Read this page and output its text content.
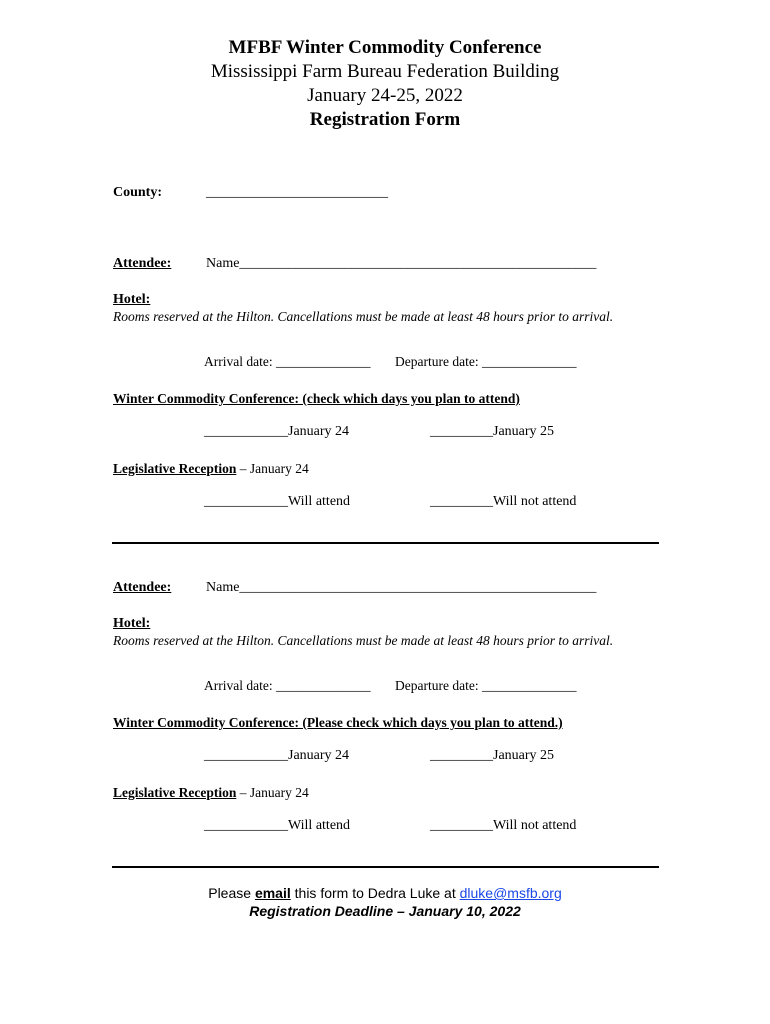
MFBF Winter Commodity Conference
Mississippi Farm Bureau Federation Building
January 24-25, 2022
Registration Form
County:	__________________________
Attendee: Name___________________________________________________
Hotel:
Rooms reserved at the Hilton. Cancellations must be made at least 48 hours prior to arrival.
Arrival date: ______________ Departure date: ______________
Winter Commodity Conference: (check which days you plan to attend)
____________January 24	_________January 25
Legislative Reception – January 24
____________Will attend	_________Will not attend
Attendee: Name___________________________________________________
Hotel:
Rooms reserved at the Hilton. Cancellations must be made at least 48 hours prior to arrival.
Arrival date: ______________ Departure date: ______________
Winter Commodity Conference: (Please check which days you plan to attend.)
____________January 24	_________January 25
Legislative Reception – January 24
____________Will attend	_________Will not attend
Please email this form to Dedra Luke at dluke@msfb.org
Registration Deadline – January 10, 2022
